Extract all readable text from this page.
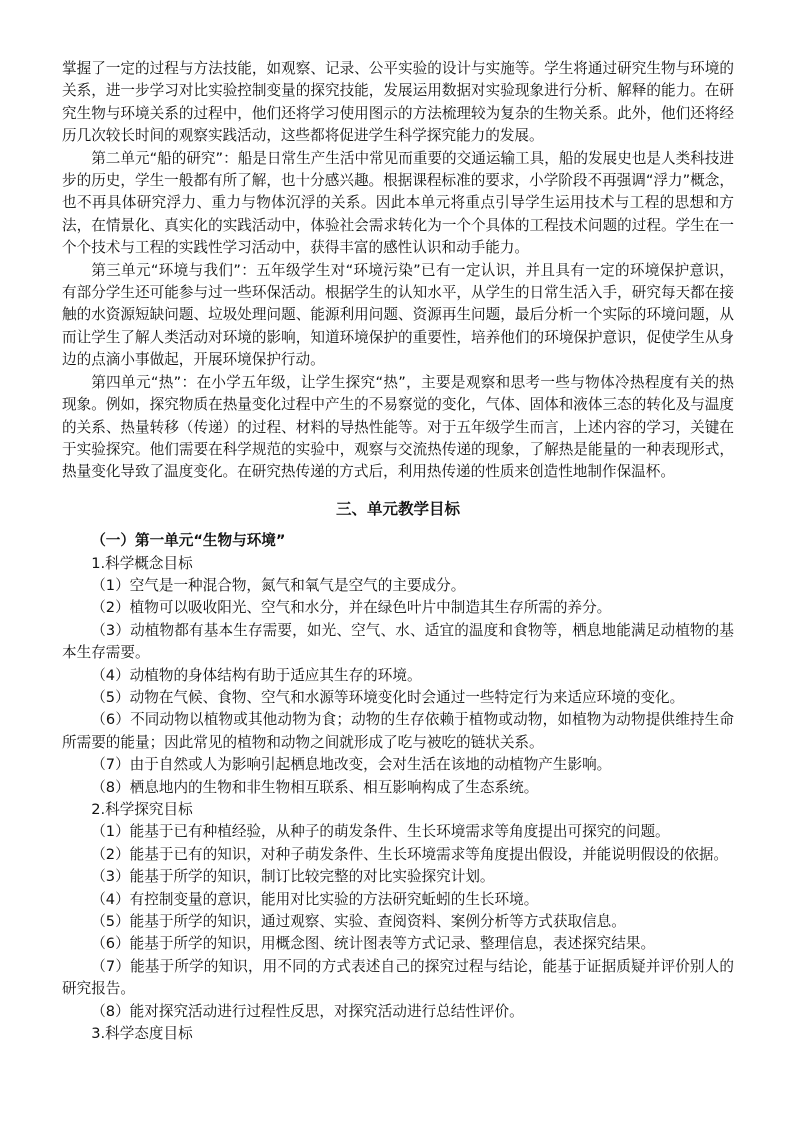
掌握了一定的过程与方法技能，如观察、记录、公平实验的设计与实施等。学生将通过研究生物与环境的关系，进一步学习对比实验控制变量的探究技能，发展运用数据对实验现象进行分析、解释的能力。在研究生物与环境关系的过程中，他们还将学习使用图示的方法梳理较为复杂的生物关系。此外，他们还将经历几次较长时间的观察实践活动，这些都将促进学生科学探究能力的发展。

第二单元“船的研究”：船是日常生产生活中常见而重要的交通运输工具，船的发展史也是人类科技进步的历史，学生一般都有所了解，也十分感兴趣。根据课程标准的要求，小学阶段不再强调“浮力”概念，也不再具体研究浮力、重力与物体沉浮的关系。因此本单元将重点引导学生运用技术与工程的思想和方法，在情景化、真实化的实践活动中，体验社会需求转化为一个个具体的工程技术问题的过程。学生在一个个技术与工程的实践性学习活动中，获得丰富的感性认识和动手能力。

第三单元“环境与我们”：五年级学生对“环境污染”已有一定认识，并且具有一定的环境保护意识，有部分学生还可能参与过一些环保活动。根据学生的认知水平，从学生的日常生活入手，研究每天都在接触的水资源短缺问题、垃圾处理问题、能源利用问题、资源再生问题，最后分析一个实际的环境问题，从而让学生了解人类活动对环境的影响，知道环境保护的重要性，培养他们的环境保护意识，促使学生从身边的点滴小事做起，开展环境保护行动。

第四单元“热”：在小学五年级，让学生探究“热”，主要是观察和思考一些与物体冷热程度有关的热现象。例如，探究物质在热量变化过程中产生的不易察觉的变化，气体、固体和液体三态的转化及与温度的关系、热量转移（传递）的过程、材料的导热性能等。对于五年级学生而言，上述内容的学习，关键在于实验探究。他们需要在科学规范的实验中，观察与交流热传递的现象，了解热是能量的一种表现形式，热量变化导致了温度变化。在研究热传递的方式后，利用热传递的性质来创造性地制作保温杯。

三、单元教学目标

（一）第一单元“生物与环境”

1.科学概念目标

（1）空气是一种混合物，氮气和氧气是空气的主要成分。

（2）植物可以吸收阳光、空气和水分，并在绿色叶片中制造其生存所需的养分。

（3）动植物都有基本生存需要，如光、空气、水、适宜的温度和食物等，栖息地能满足动植物的基本生存需要。

（4）动植物的身体结构有助于适应其生存的环境。

（5）动物在气候、食物、空气和水源等环境变化时会通过一些特定行为来适应环境的变化。

（6）不同动物以植物或其他动物为食；动物的生存依赖于植物或动物，如植物为动物提供维持生命所需要的能量；因此常见的植物和动物之间就形成了吃与被吃的链状关系。

（7）由于自然或人为影响引起栖息地改变，会对生活在该地的动植物产生影响。

（8）栖息地内的生物和非生物相互联系、相互影响构成了生态系统。

2.科学探究目标

（1）能基于已有种植经验，从种子的萌发条件、生长环境需求等角度提出可探究的问题。

（2）能基于已有的知识，对种子萌发条件、生长环境需求等角度提出假设，并能说明假设的依据。

（3）能基于所学的知识，制订比较完整的对比实验探究计划。

（4）有控制变量的意识，能用对比实验的方法研究蚯蚓的生长环境。

（5）能基于所学的知识，通过观察、实验、查阅资料、案例分析等方式获取信息。

（6）能基于所学的知识，用概念图、统计图表等方式记录、整理信息，表述探究结果。

（7）能基于所学的知识，用不同的方式表述自己的探究过程与结论，能基于证据质疑并评价别人的研究报告。

（8）能对探究活动进行过程性反思，对探究活动进行总结性评价。

3.科学态度目标
